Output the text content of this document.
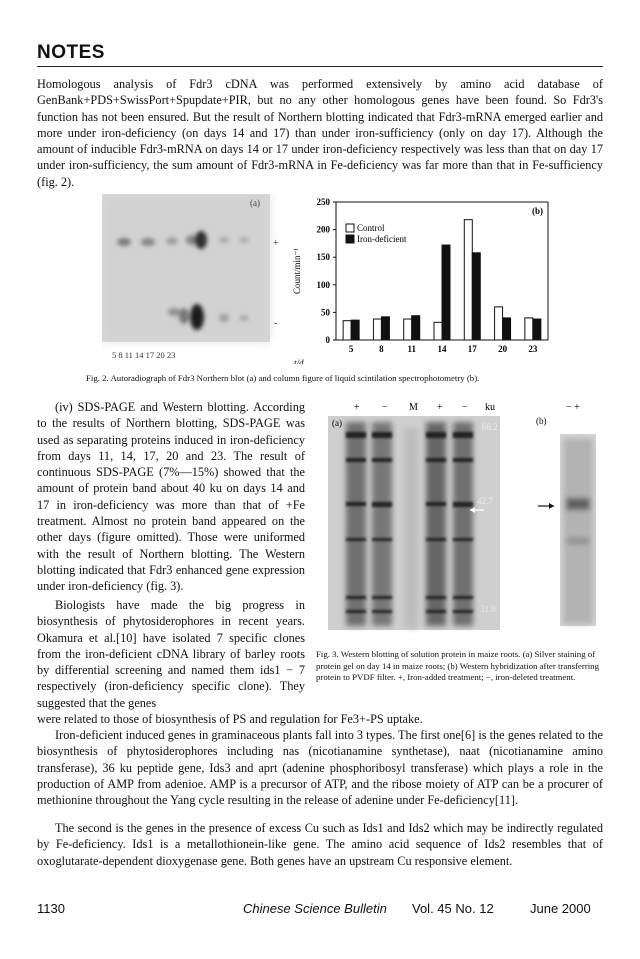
NOTES

Homologous analysis of Fdr3 cDNA was performed extensively by amino acid database of GenBank+PDS+SwissPort+Spupdate+PIR, but no any other homologous genes have been found. So Fdr3's function has not been ensured. But the result of Northern blotting indicated that Fdr3-mRNA emerged earlier and more under iron-deficiency (on days 14 and 17) than under iron-sufficiency (only on day 17). Although the amount of inducible Fdr3-mRNA on days 14 or 17 under iron-deficiency respectively was less than that on day 17 under iron-sufficiency, the sum amount of Fdr3-mRNA in Fe-deficiency was far more than that in Fe-sufficiency (fig. 2).

(a)
+
-
5 8 11 14 17 20 23
0
50
100
150
200
250
Count/min⁻¹
5	8	11 14 17 20 23
t/d
(b)
Control
Iron-deficient

Fig. 2. Autoradiograph of Fdr3 Northern blot (a) and column figure of liquid scintilation spectrophotometry (b).

(iv) SDS-PAGE and Western blotting. According to the results of Northern blotting, SDS-PAGE was used as separating proteins induced in iron-deficiency from days 11, 14, 17, 20 and 23. The result of continuous SDS-PAGE (7%—15%) showed that the amount of protein band about 40 ku on days 14 and 17 in iron-deficiency was more than that of +Fe treatment. Almost no protein band appeared on the other days (figure omitted). Those were uniformed with the result of Northern blotting. The Western blotting indicated that Fdr3 enhanced gene expression under iron-deficiency (fig. 3).

Biologists have made the big progress in biosynthesis of phytosiderophores in recent years. Okamura et al.[10] have isolated 7 specific clones from the iron-deficient cDNA library of barley roots by differential screening and named them ids1 − 7 respectively (iron-deficiency specific clone). They suggested that the genes

+ − M + − ku	− +
(a)	66.2
42.7
31.0
(b)

Fig. 3. Western blotting of solution protein in maize roots. (a) Silver staining of protein gel on day 14 in maize roots; (b) Western hybridization after transferring protein to PVDF filter. +, Iron-added treatment; −, iron-deleted treatment.

were related to those of biosynthesis of PS and regulation for Fe3+-PS uptake.

Iron-deficient induced genes in graminaceous plants fall into 3 types. The first one[6] is the genes related to the biosynthesis of phytosiderophores including nas (nicotianamine synthetase), naat (nicotianamine amino transferase), 36 ku peptide gene, Ids3 and aprt (adenine phosphoribosyl transferase) which plays a role in the production of AMP from adenioe. AMP is a precursor of ATP, and the ribose moiety of ATP can be a procurer of methionine throughout the Yang cycle resulting in the release of adenine under Fe-deficiency[11].

The second is the genes in the presence of excess Cu such as Ids1 and Ids2 which may be indirectly regulated by Fe-deficiency. Ids1 is a metallothionein-like gene. The amino acid sequence of Ids2 resembles that of oxoglutarate-dependent dioxygenase gene. Both genes have an upstream Cu responsive element.

1130	Chinese Science Bulletin Vol. 45 No. 12	June 2000
